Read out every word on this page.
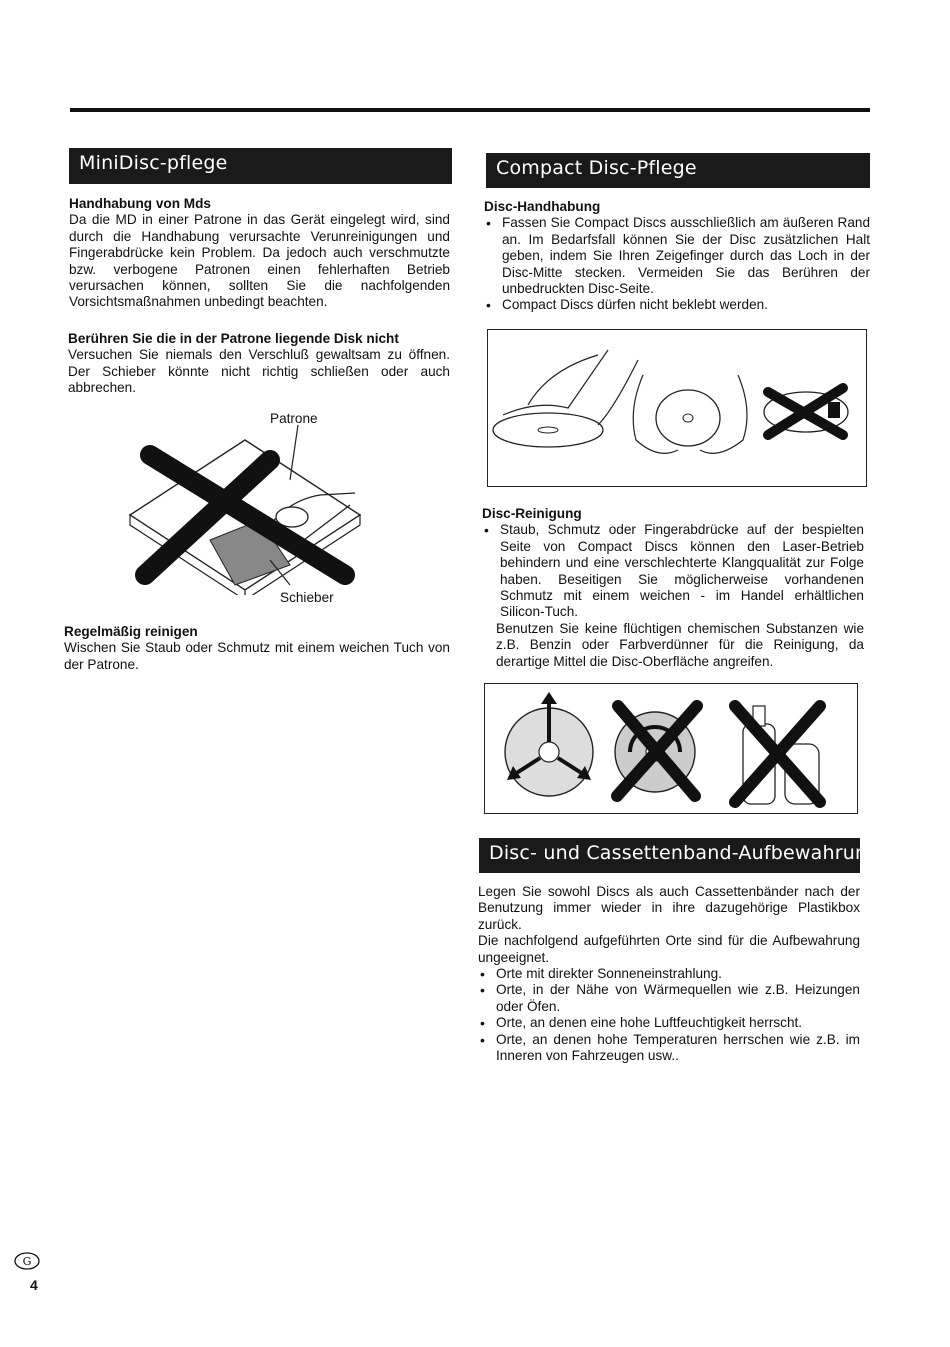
MiniDisc-pflege
Handhabung von Mds

Da die MD in einer Patrone in das Gerät eingelegt wird, sind durch die Handhabung verursachte Verunreinigungen und Fingerabdrücke kein Problem. Da jedoch auch verschmutzte bzw. verbogene Patronen einen fehlerhaften Betrieb verursachen können, sollten Sie die nachfolgenden Vorsichtsmaßnahmen unbedingt beachten.

Berühren Sie die in der Patrone liegende Disk nicht

Versuchen Sie niemals den Verschluß gewaltsam zu öffnen. Der Schieber könnte nicht richtig schließen oder auch abbrechen.

Patrone
Schieber
Regelmäßig reinigen

Wischen Sie Staub oder Schmutz mit einem weichen Tuch von der Patrone.

Compact Disc-Pflege
Disc-Handhabung
• Fassen Sie Compact Discs ausschließlich am äußeren Rand an. Im Bedarfsfall können Sie der Disc zusätzlichen Halt geben, indem Sie Ihren Zeigefinger durch das Loch in der Disc-Mitte stecken. Vermeiden Sie das Berühren der unbedruckten Disc-Seite.
• Compact Discs dürfen nicht beklebt werden.
Disc-Reinigung
• Staub, Schmutz oder Fingerabdrücke auf der bespielten Seite von Compact Discs können den Laser-Betrieb behindern und eine verschlechterte Klangqualität zur Folge haben. Beseitigen Sie möglicherweise vorhandenen Schmutz mit einem weichen - im Handel erhältlichen Silicon-Tuch.

Benutzen Sie keine flüchtigen chemischen Substanzen wie z.B. Benzin oder Farbverdünner für die Reinigung, da derartige Mittel die Disc-Oberfläche angreifen.

Disc- und Cassettenband-Aufbewahrung

Legen Sie sowohl Discs als auch Cassettenbänder nach der Benutzung immer wieder in ihre dazugehörige Plastikbox zurück.

Die nachfolgend aufgeführten Orte sind für die Aufbewahrung ungeeignet.

• Orte mit direkter Sonneneinstrahlung.
• Orte, in der Nähe von Wärmequellen wie z.B. Heizungen oder Öfen.
• Orte, an denen eine hohe Luftfeuchtigkeit herrscht.
• Orte, an denen hohe Temperaturen herrschen wie z.B. im Inneren von Fahrzeugen usw..
G
4
